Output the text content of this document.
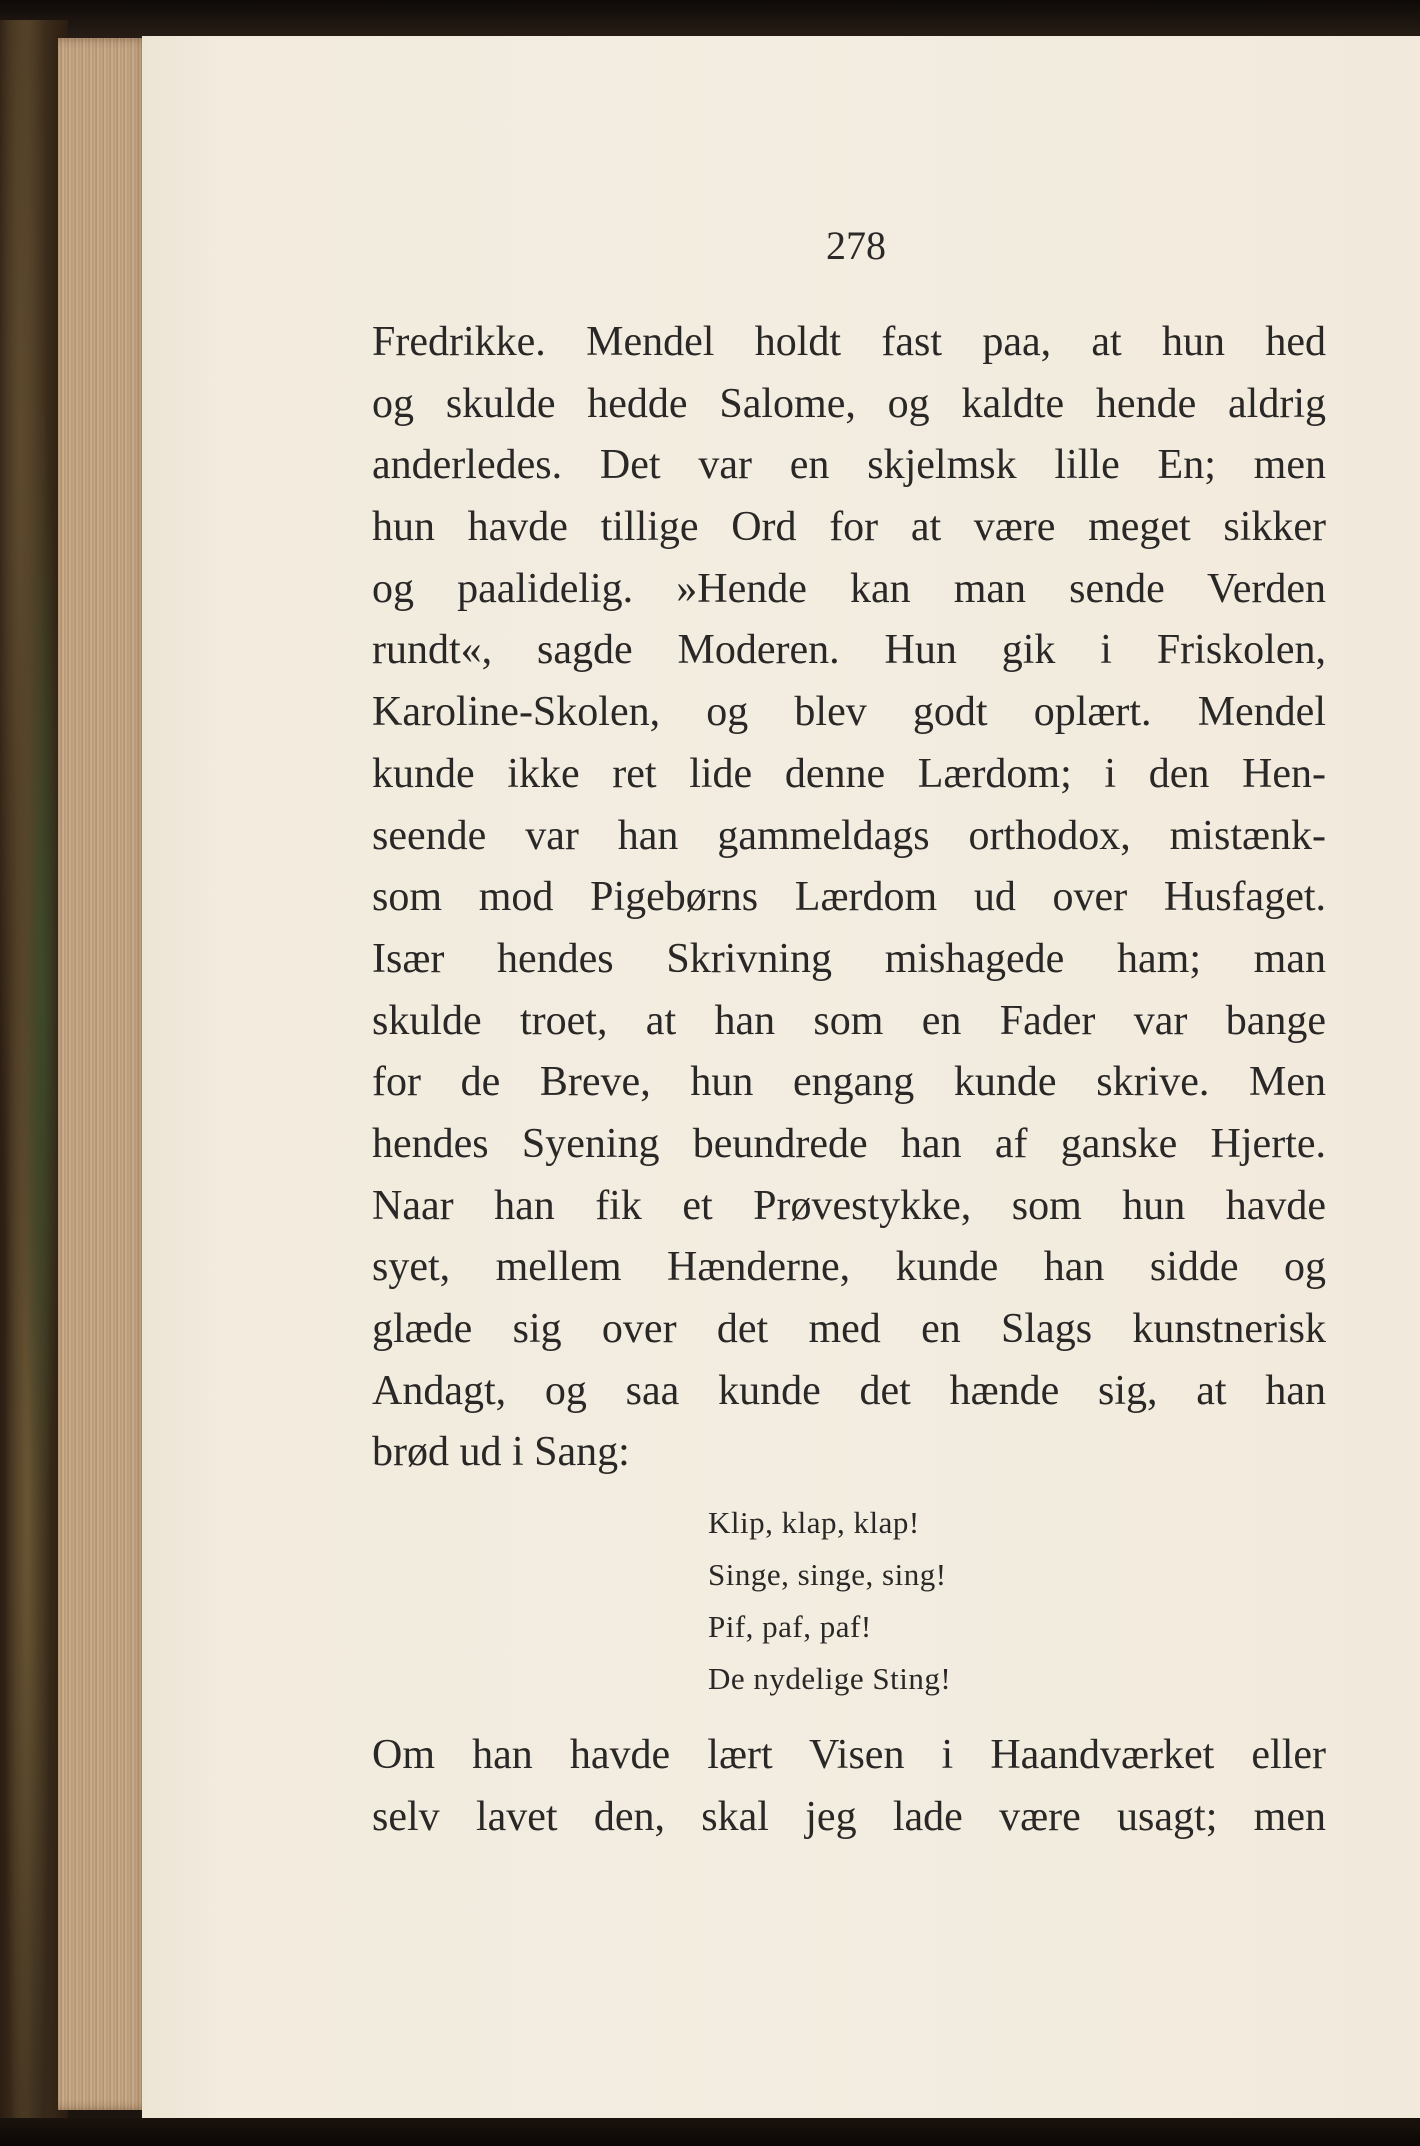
278
Fredrikke. Mendel holdt fast paa, at hun hed
og skulde hedde Salome, og kaldte hende aldrig
anderledes. Det var en skjelmsk lille En; men
hun havde tillige Ord for at være meget sikker
og paalidelig. »Hende kan man sende Verden
rundt«, sagde Moderen. Hun gik i Friskolen,
Karoline-Skolen, og blev godt oplært. Mendel
kunde ikke ret lide denne Lærdom; i den Hen-
seende var han gammeldags orthodox, mistænk-
som mod Pigebørns Lærdom ud over Husfaget.
Især hendes Skrivning mishagede ham; man
skulde troet, at han som en Fader var bange
for de Breve, hun engang kunde skrive. Men
hendes Syening beundrede han af ganske Hjerte.
Naar han fik et Prøvestykke, som hun havde
syet, mellem Hænderne, kunde han sidde og
glæde sig over det med en Slags kunstnerisk
Andagt, og saa kunde det hænde sig, at han
brød ud i Sang:
Klip, klap, klap!
Singe, singe, sing!
Pif, paf, paf!
De nydelige Sting!
Om han havde lært Visen i Haandværket eller
selv lavet den, skal jeg lade være usagt; men
